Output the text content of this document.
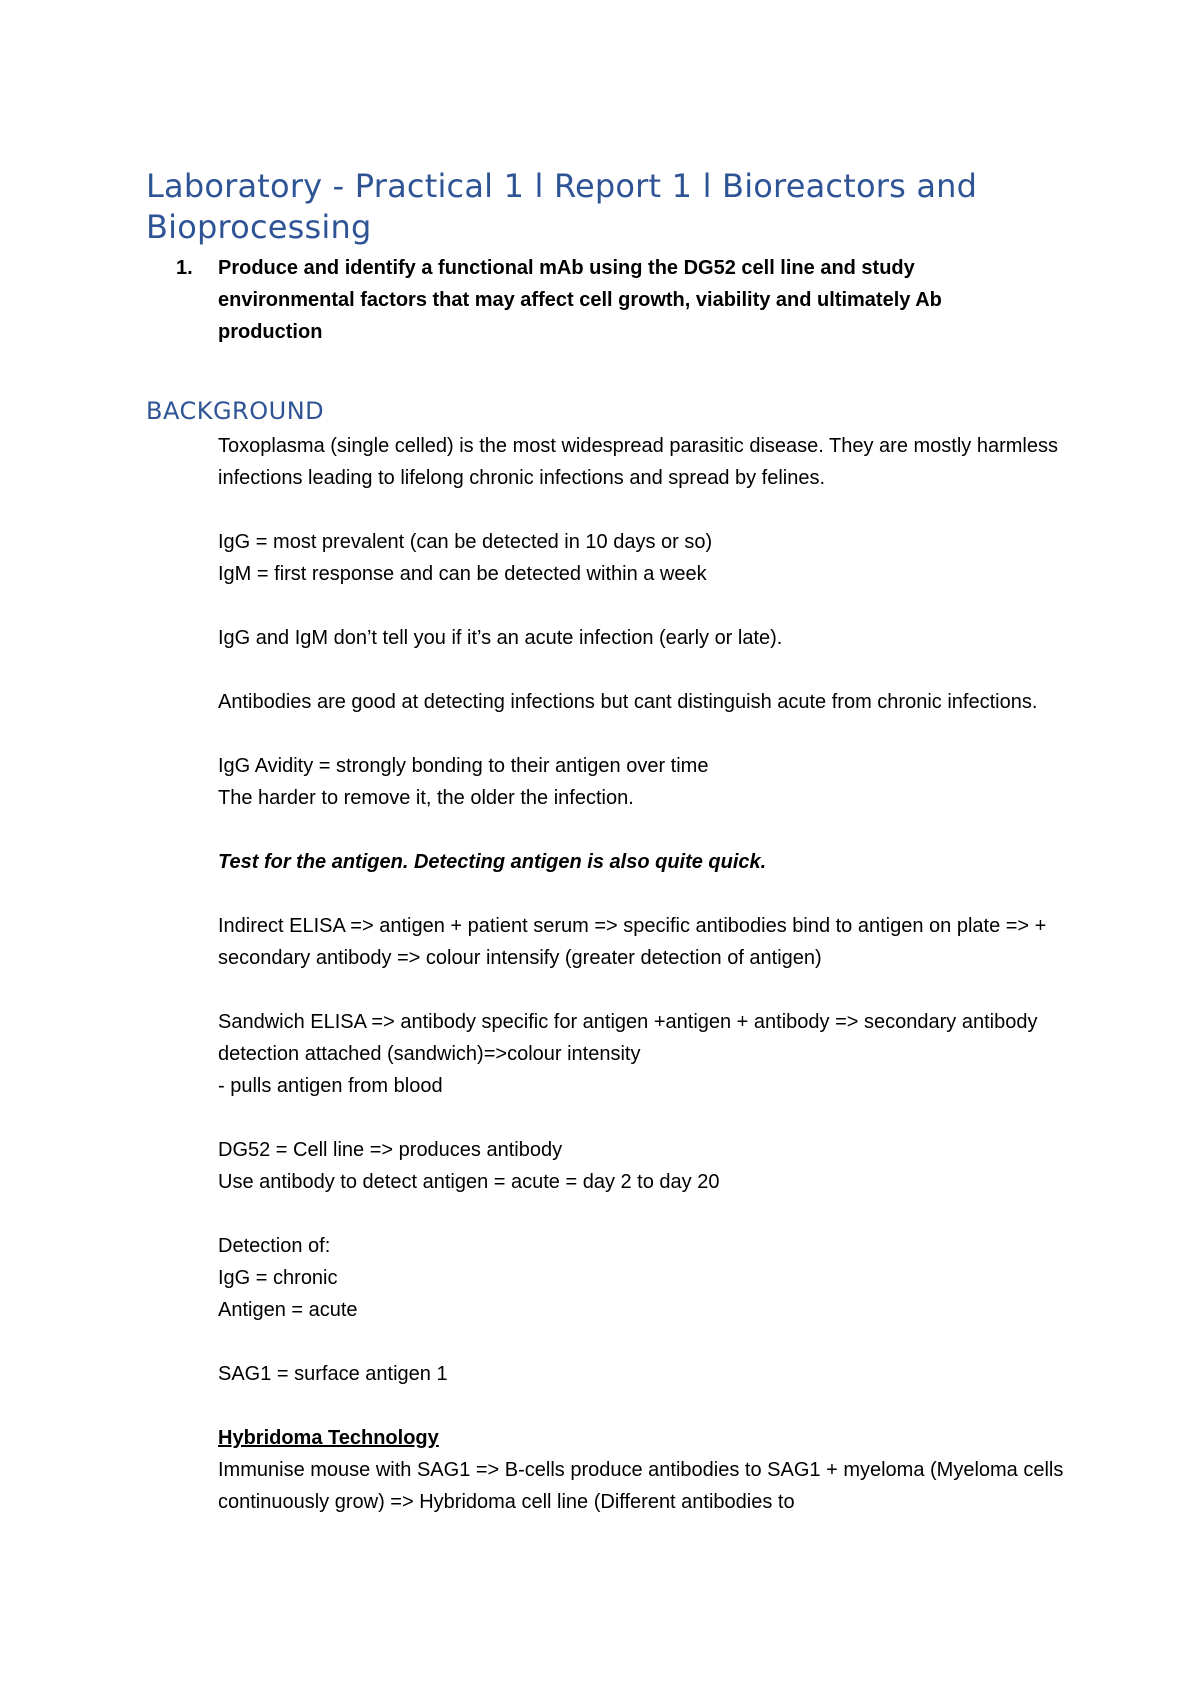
Laboratory - Practical 1 l Report 1 l Bioreactors and Bioprocessing
1. Produce and identify a functional mAb using the DG52 cell line and study environmental factors that may affect cell growth, viability and ultimately Ab production
BACKGROUND

Toxoplasma (single celled) is the most widespread parasitic disease. They are mostly harmless infections leading to lifelong chronic infections and spread by felines.

IgG = most prevalent (can be detected in 10 days or so)
IgM = first response and can be detected within a week

IgG and IgM don’t tell you if it’s an acute infection (early or late).

Antibodies are good at detecting infections but cant distinguish acute from chronic infections.

IgG Avidity = strongly bonding to their antigen over time
The harder to remove it, the older the infection.

Test for the antigen. Detecting antigen is also quite quick.

Indirect ELISA => antigen + patient serum => specific antibodies bind to antigen on plate => + secondary antibody => colour intensify (greater detection of antigen)

Sandwich ELISA => antibody specific for antigen +antigen + antibody => secondary antibody detection attached (sandwich)=>colour intensity
- pulls antigen from blood

DG52 = Cell line => produces antibody
Use antibody to detect antigen = acute = day 2 to day 20

Detection of:
IgG = chronic
Antigen = acute

SAG1 = surface antigen 1

Hybridoma Technology
Immunise mouse with SAG1 => B-cells produce antibodies to SAG1 + myeloma (Myeloma cells continuously grow) => Hybridoma cell line (Different antibodies to
